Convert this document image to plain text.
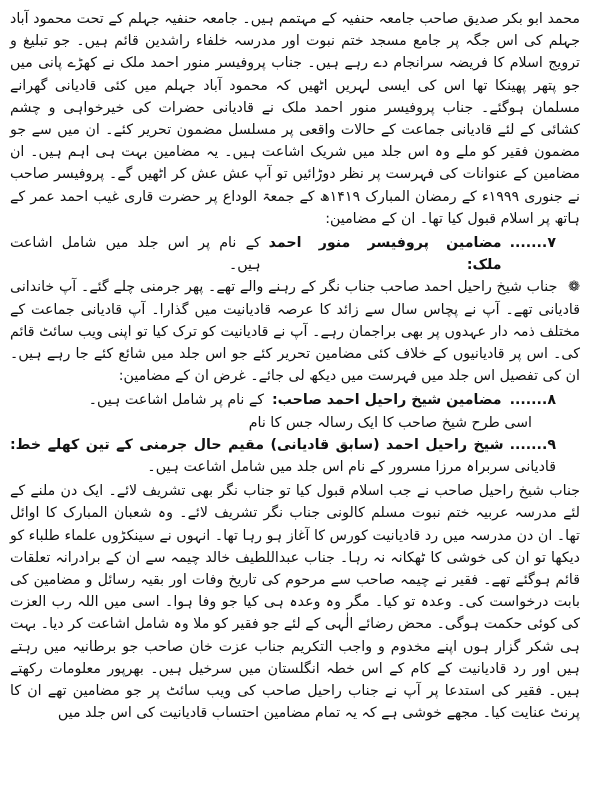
محمد ابو بکر صدیق صاحب جامعہ حنفیہ کے مہتمم ہیں۔ جامعہ حنفیہ جہلم کے تحت محمود آباد جہلم کی اس جگہ پر جامع مسجد ختم نبوت اور مدرسہ خلفاء راشدین قائم ہیں۔ جو تبلیغ و ترویج اسلام کا فریضہ سرانجام دے رہے ہیں۔ جناب پروفیسر منور احمد ملک نے کھڑے پانی میں جو پتھر پھینکا تھا اس کی ایسی لہریں اٹھیں کہ محمود آباد جہلم میں کئی قادیانی گھرانے مسلمان ہوگئے۔ جناب پروفیسر منور احمد ملک نے قادیانی حضرات کی خیرخواہی و چشم کشائی کے لئے قادیانی جماعت کے حالات واقعی پر مسلسل مضمون تحریر کئے۔ ان میں سے جو مضمون فقیر کو ملے وہ اس جلد میں شریک اشاعت ہیں۔ یہ مضامین بہت ہی اہم ہیں۔ ان مضامین کے عنوانات کی فہرست پر نظر دوڑائیں تو آپ عش عش کر اٹھیں گے۔ پروفیسر صاحب نے جنوری ۱۹۹۹ء کے رمضان المبارک ۱۴۱۹ھ کے جمعۃ الوداع پر حضرت قاری غیب احمد عمر کے ہاتھ پر اسلام قبول کیا تھا۔ ان کے مضامین:

۷.......
مضامین پروفیسر منور احمد ملک:
کے نام پر اس جلد میں شامل اشاعت ہیں۔

❁ جناب شیخ راحیل احمد صاحب جناب نگر کے رہنے والے تھے۔ پھر جرمنی چلے گئے۔ آپ خاندانی قادیانی تھے۔ آپ نے پچاس سال سے زائد کا عرصہ قادیانیت میں گذارا۔ آپ قادیانی جماعت کے مختلف ذمہ دار عہدوں پر بھی براجمان رہے۔ آپ نے قادیانیت کو ترک کیا تو اپنی ویب سائٹ قائم کی۔ اس پر قادیانیوں کے خلاف کئی مضامین تحریر کئے جو اس جلد میں شائع کئے جا رہے ہیں۔ ان کی تفصیل اس جلد میں فہرست میں دیکھ لی جائے۔ غرض ان کے مضامین:

۸.......
مضامین شیخ راحیل احمد صاحب:
کے نام پر شامل اشاعت ہیں۔

اسی طرح شیخ صاحب کا ایک رسالہ جس کا نام

۹....... شیخ راحیل احمد (سابق قادیانی) مقیم حال جرمنی کے تین کھلے خط: قادیانی سربراہ مرزا مسرور کے نام اس جلد میں شامل اشاعت ہیں۔

جناب شیخ راحیل صاحب نے جب اسلام قبول کیا تو جناب نگر بھی تشریف لائے۔ ایک دن ملنے کے لئے مدرسہ عربیہ ختم نبوت مسلم کالونی جناب نگر تشریف لائے۔ وہ شعبان المبارک کا اوائل تھا۔ ان دن مدرسہ میں رد قادیانیت کورس کا آغاز ہو رہا تھا۔ انہوں نے سینکڑوں علماء طلباء کو دیکھا تو ان کی خوشی کا ٹھکانہ نہ رہا۔ جناب عبداللطیف خالد چیمہ سے ان کے برادرانہ تعلقات قائم ہوگئے تھے۔ فقیر نے چیمہ صاحب سے مرحوم کی تاریخ وفات اور بقیہ رسائل و مضامین کی بابت درخواست کی۔ وعدہ تو کیا۔ مگر وہ وعدہ ہی کیا جو وفا ہوا۔ اسی میں اللہ رب العزت کی کوئی حکمت ہوگی۔ محض رضائے الٰہی کے لئے جو فقیر کو ملا وہ شامل اشاعت کر دیا۔ بہت ہی شکر گزار ہوں اپنے مخدوم و واجب التکریم جناب عزت خان صاحب جو برطانیہ میں رہتے ہیں اور رد قادیانیت کے کام کے اس خطہ انگلستان میں سرخیل ہیں۔ بھرپور معلومات رکھتے ہیں۔ فقیر کی استدعا پر آپ نے جناب راحیل صاحب کی ویب سائٹ پر جو مضامین تھے ان کا پرنٹ عنایت کیا۔ مجھے خوشی ہے کہ یہ تمام مضامین احتساب قادیانیت کی اس جلد میں
